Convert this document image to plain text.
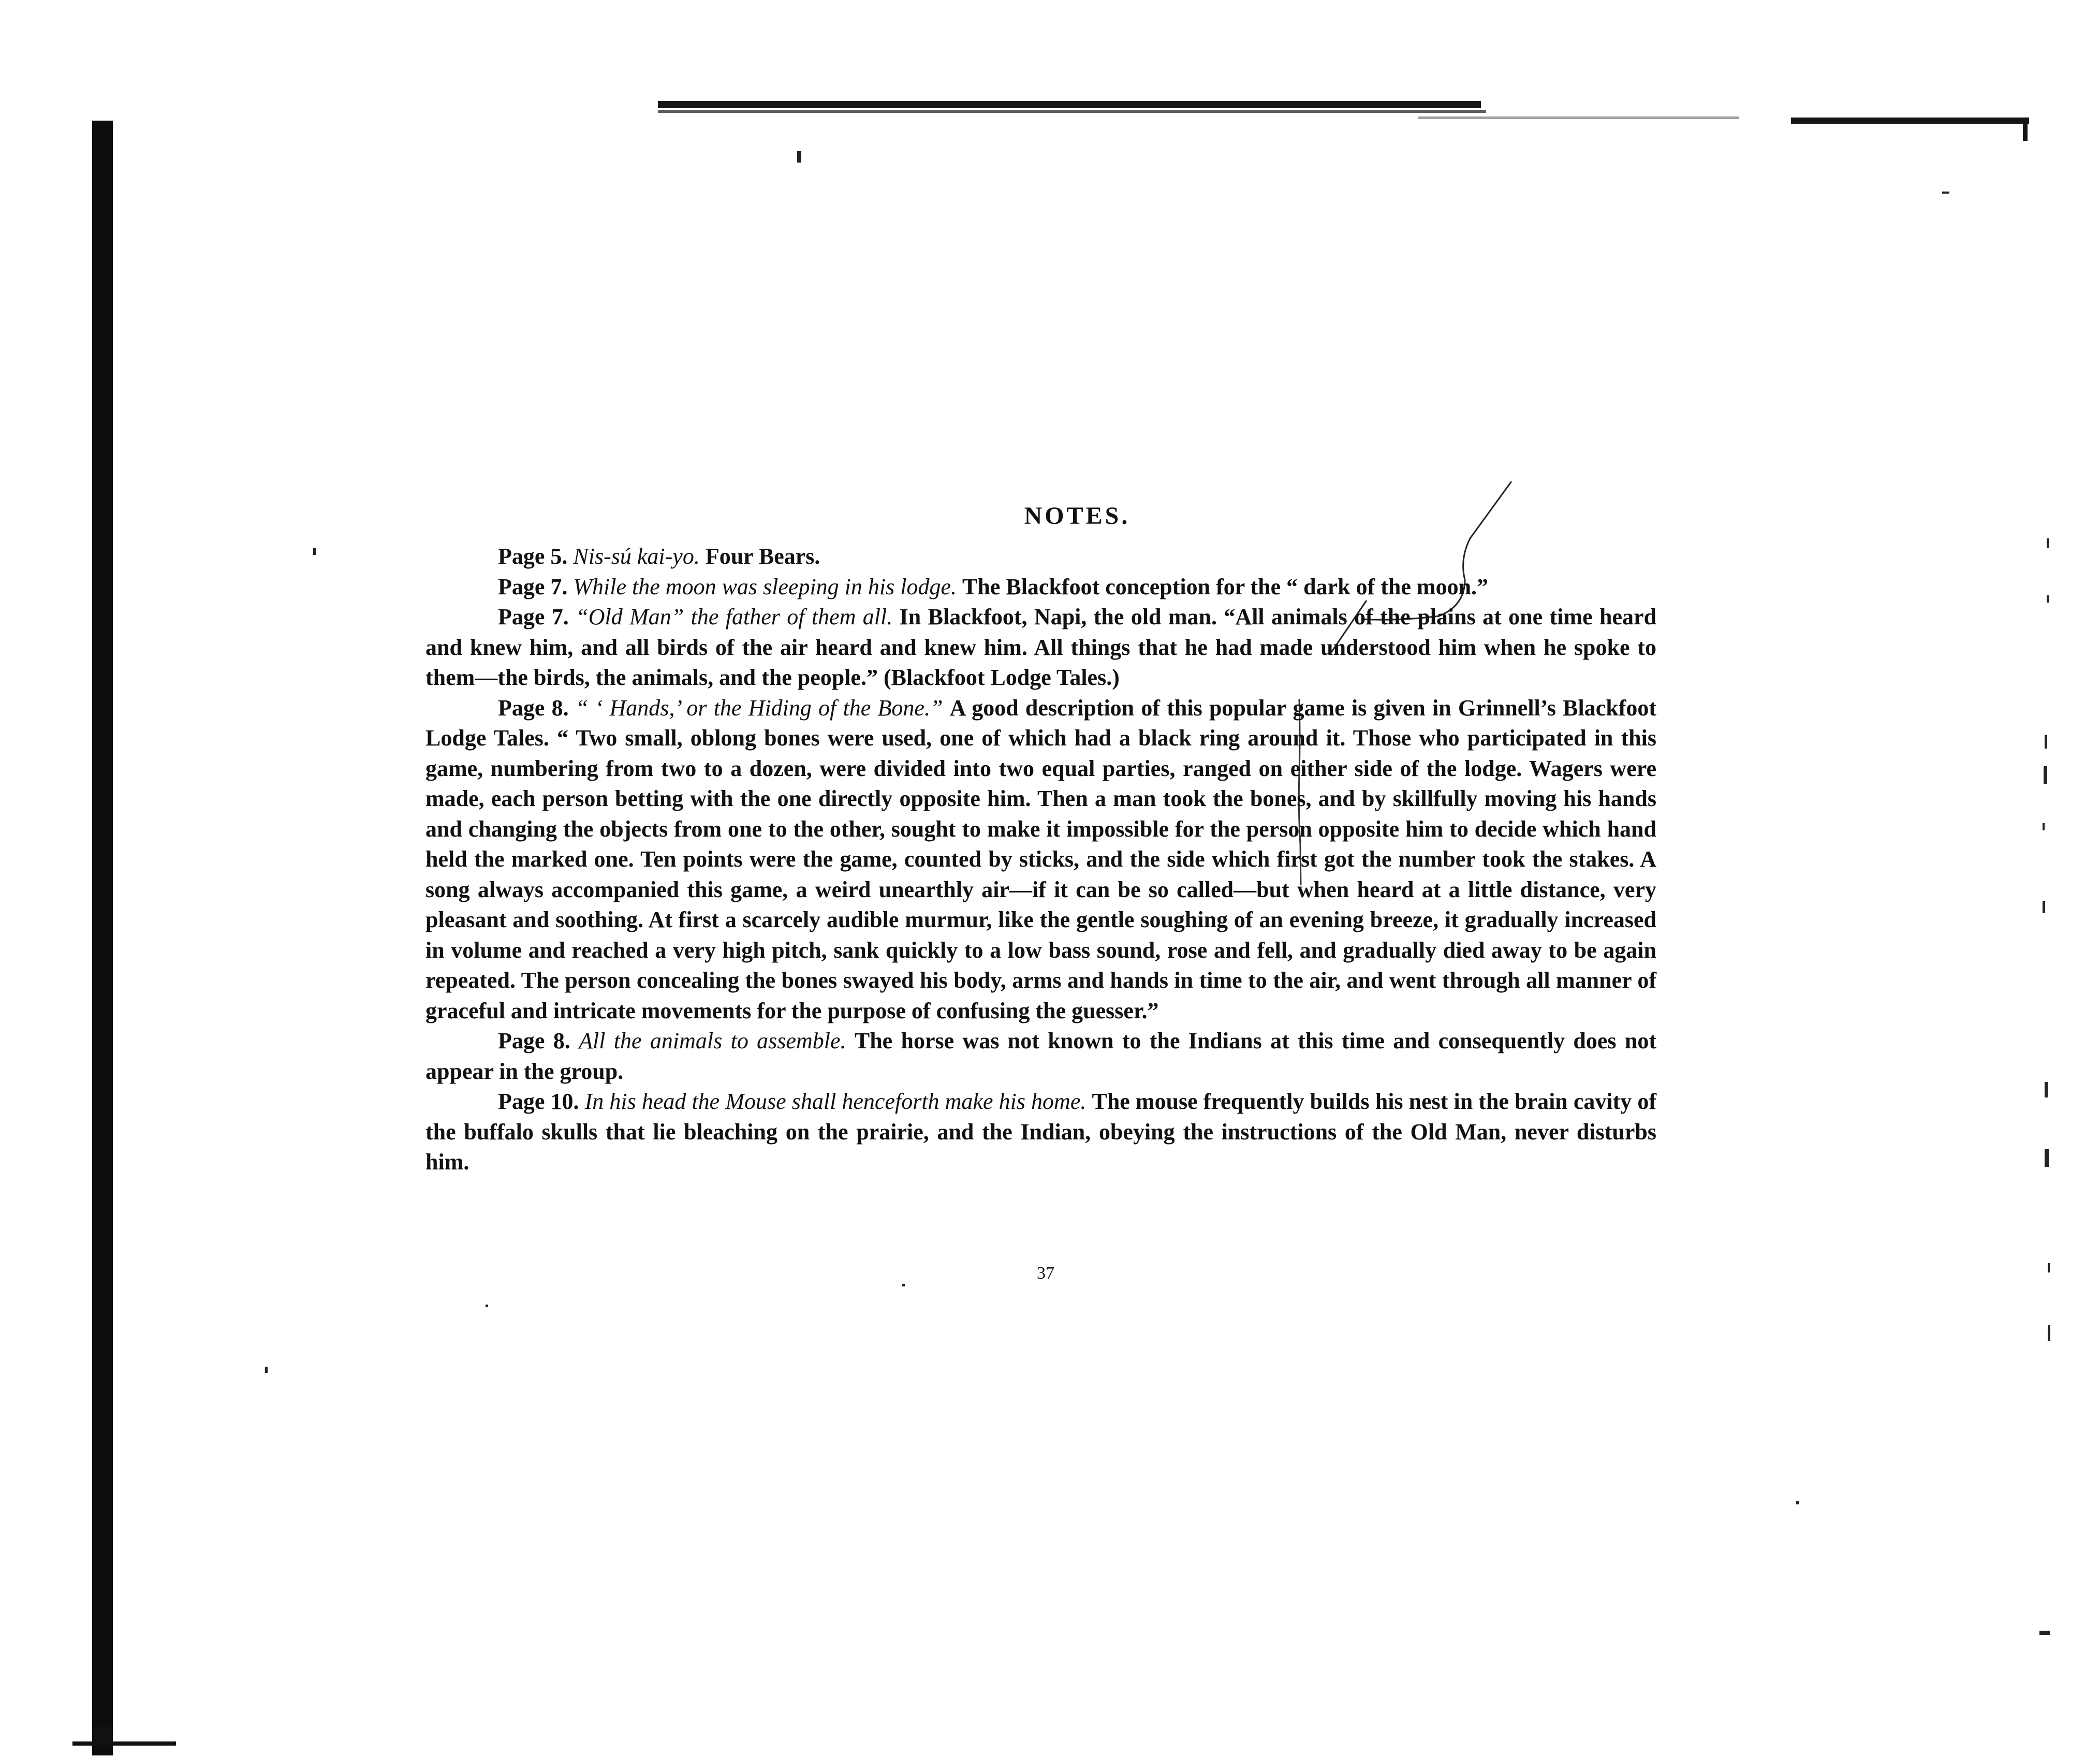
NOTES.

Page 5. Nis-sú kai-yo. Four Bears.

Page 7. While the moon was sleeping in his lodge. The Blackfoot conception for the “ dark of the moon.”

Page 7. “Old Man” the father of them all. In Blackfoot, Napi, the old man. “All animals of the plains at one time heard and knew him, and all birds of the air heard and knew him. All things that he had made understood him when he spoke to them—the birds, the animals, and the people.” (Blackfoot Lodge Tales.)

Page 8. “ ‘ Hands,’ or the Hiding of the Bone.” A good description of this popular game is given in Grinnell’s Blackfoot Lodge Tales. “ Two small, oblong bones were used, one of which had a black ring around it. Those who participated in this game, numbering from two to a dozen, were divided into two equal parties, ranged on either side of the lodge. Wagers were made, each person betting with the one directly opposite him. Then a man took the bones, and by skillfully moving his hands and changing the objects from one to the other, sought to make it impossible for the person opposite him to decide which hand held the marked one. Ten points were the game, counted by sticks, and the side which first got the number took the stakes. A song always accompanied this game, a weird unearthly air—if it can be so called—but when heard at a little distance, very pleasant and soothing. At first a scarcely audible murmur, like the gentle soughing of an evening breeze, it gradually increased in volume and reached a very high pitch, sank quickly to a low bass sound, rose and fell, and gradually died away to be again repeated. The person concealing the bones swayed his body, arms and hands in time to the air, and went through all manner of graceful and intricate movements for the purpose of confusing the guesser.”

Page 8. All the animals to assemble. The horse was not known to the Indians at this time and consequently does not appear in the group.

Page 10. In his head the Mouse shall henceforth make his home. The mouse frequently builds his nest in the brain cavity of the buffalo skulls that lie bleaching on the prairie, and the Indian, obeying the instructions of the Old Man, never disturbs him.

37
